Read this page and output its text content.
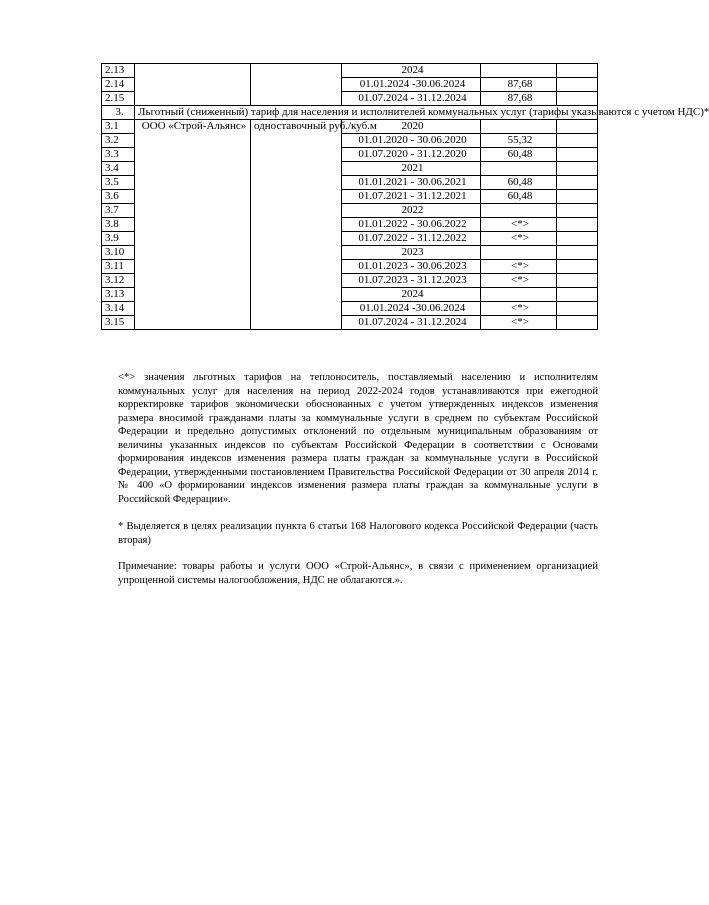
2.13			2024		
2.14			01.01.2024 -30.06.2024	87,68	
2.15			01.07.2024 - 31.12.2024	87,68	
3.	Льготный (сниженный) тариф для населения и исполнителей коммунальных услуг (тарифы указываются с учетом НДС)*				
3.1	ООО «Строй-Альянс»	одноставочный руб./куб.м	2020		
3.2			01.01.2020 - 30.06.2020	55,32	
3.3			01.07.2020 - 31.12.2020	60,48	
3.4			2021		
3.5			01.01.2021 - 30.06.2021	60,48	
3.6			01.07.2021 - 31.12.2021	60,48	
3.7			2022		
3.8			01.01.2022 - 30.06.2022	<*>	
3.9			01.07.2022 - 31.12.2022	<*>	
3.10			2023		
3.11			01.01.2023 - 30.06.2023	<*>	
3.12			01.07.2023 - 31.12.2023	<*>	
3.13			2024		
3.14			01.01.2024 -30.06.2024	<*>	
3.15			01.07.2024 - 31.12.2024	<*>	
<*> значения льготных тарифов на теплоноситель, поставляемый населению и исполнителям коммунальных услуг для населения на период 2022-2024 годов устанавливаются при ежегодной корректировке тарифов экономически обоснованных с учетом утвержденных индексов изменения размера вносимой гражданами платы за коммунальные услуги в среднем по субъектам Российской Федерации и предельно допустимых отклонений по отдельным муниципальным образованиям от величины указанных индексов по субъектам Российской Федерации в соответствии с Основами формирования индексов изменения размера платы граждан за коммунальные услуги в Российской Федерации, утвержденными постановлением Правительства Российской Федерации от 30 апреля 2014 г. № 400 «О формировании индексов изменения размера платы граждан за коммунальные услуги в Российской Федерации».
* Выделяется в целях реализации пункта 6 статьи 168 Налогового кодекса Российской Федерации (часть вторая)
Примечание: товары работы и услуги ООО «Строй-Альянс», в связи с применением организацией упрощенной системы налогообложения, НДС не облагаются.».
